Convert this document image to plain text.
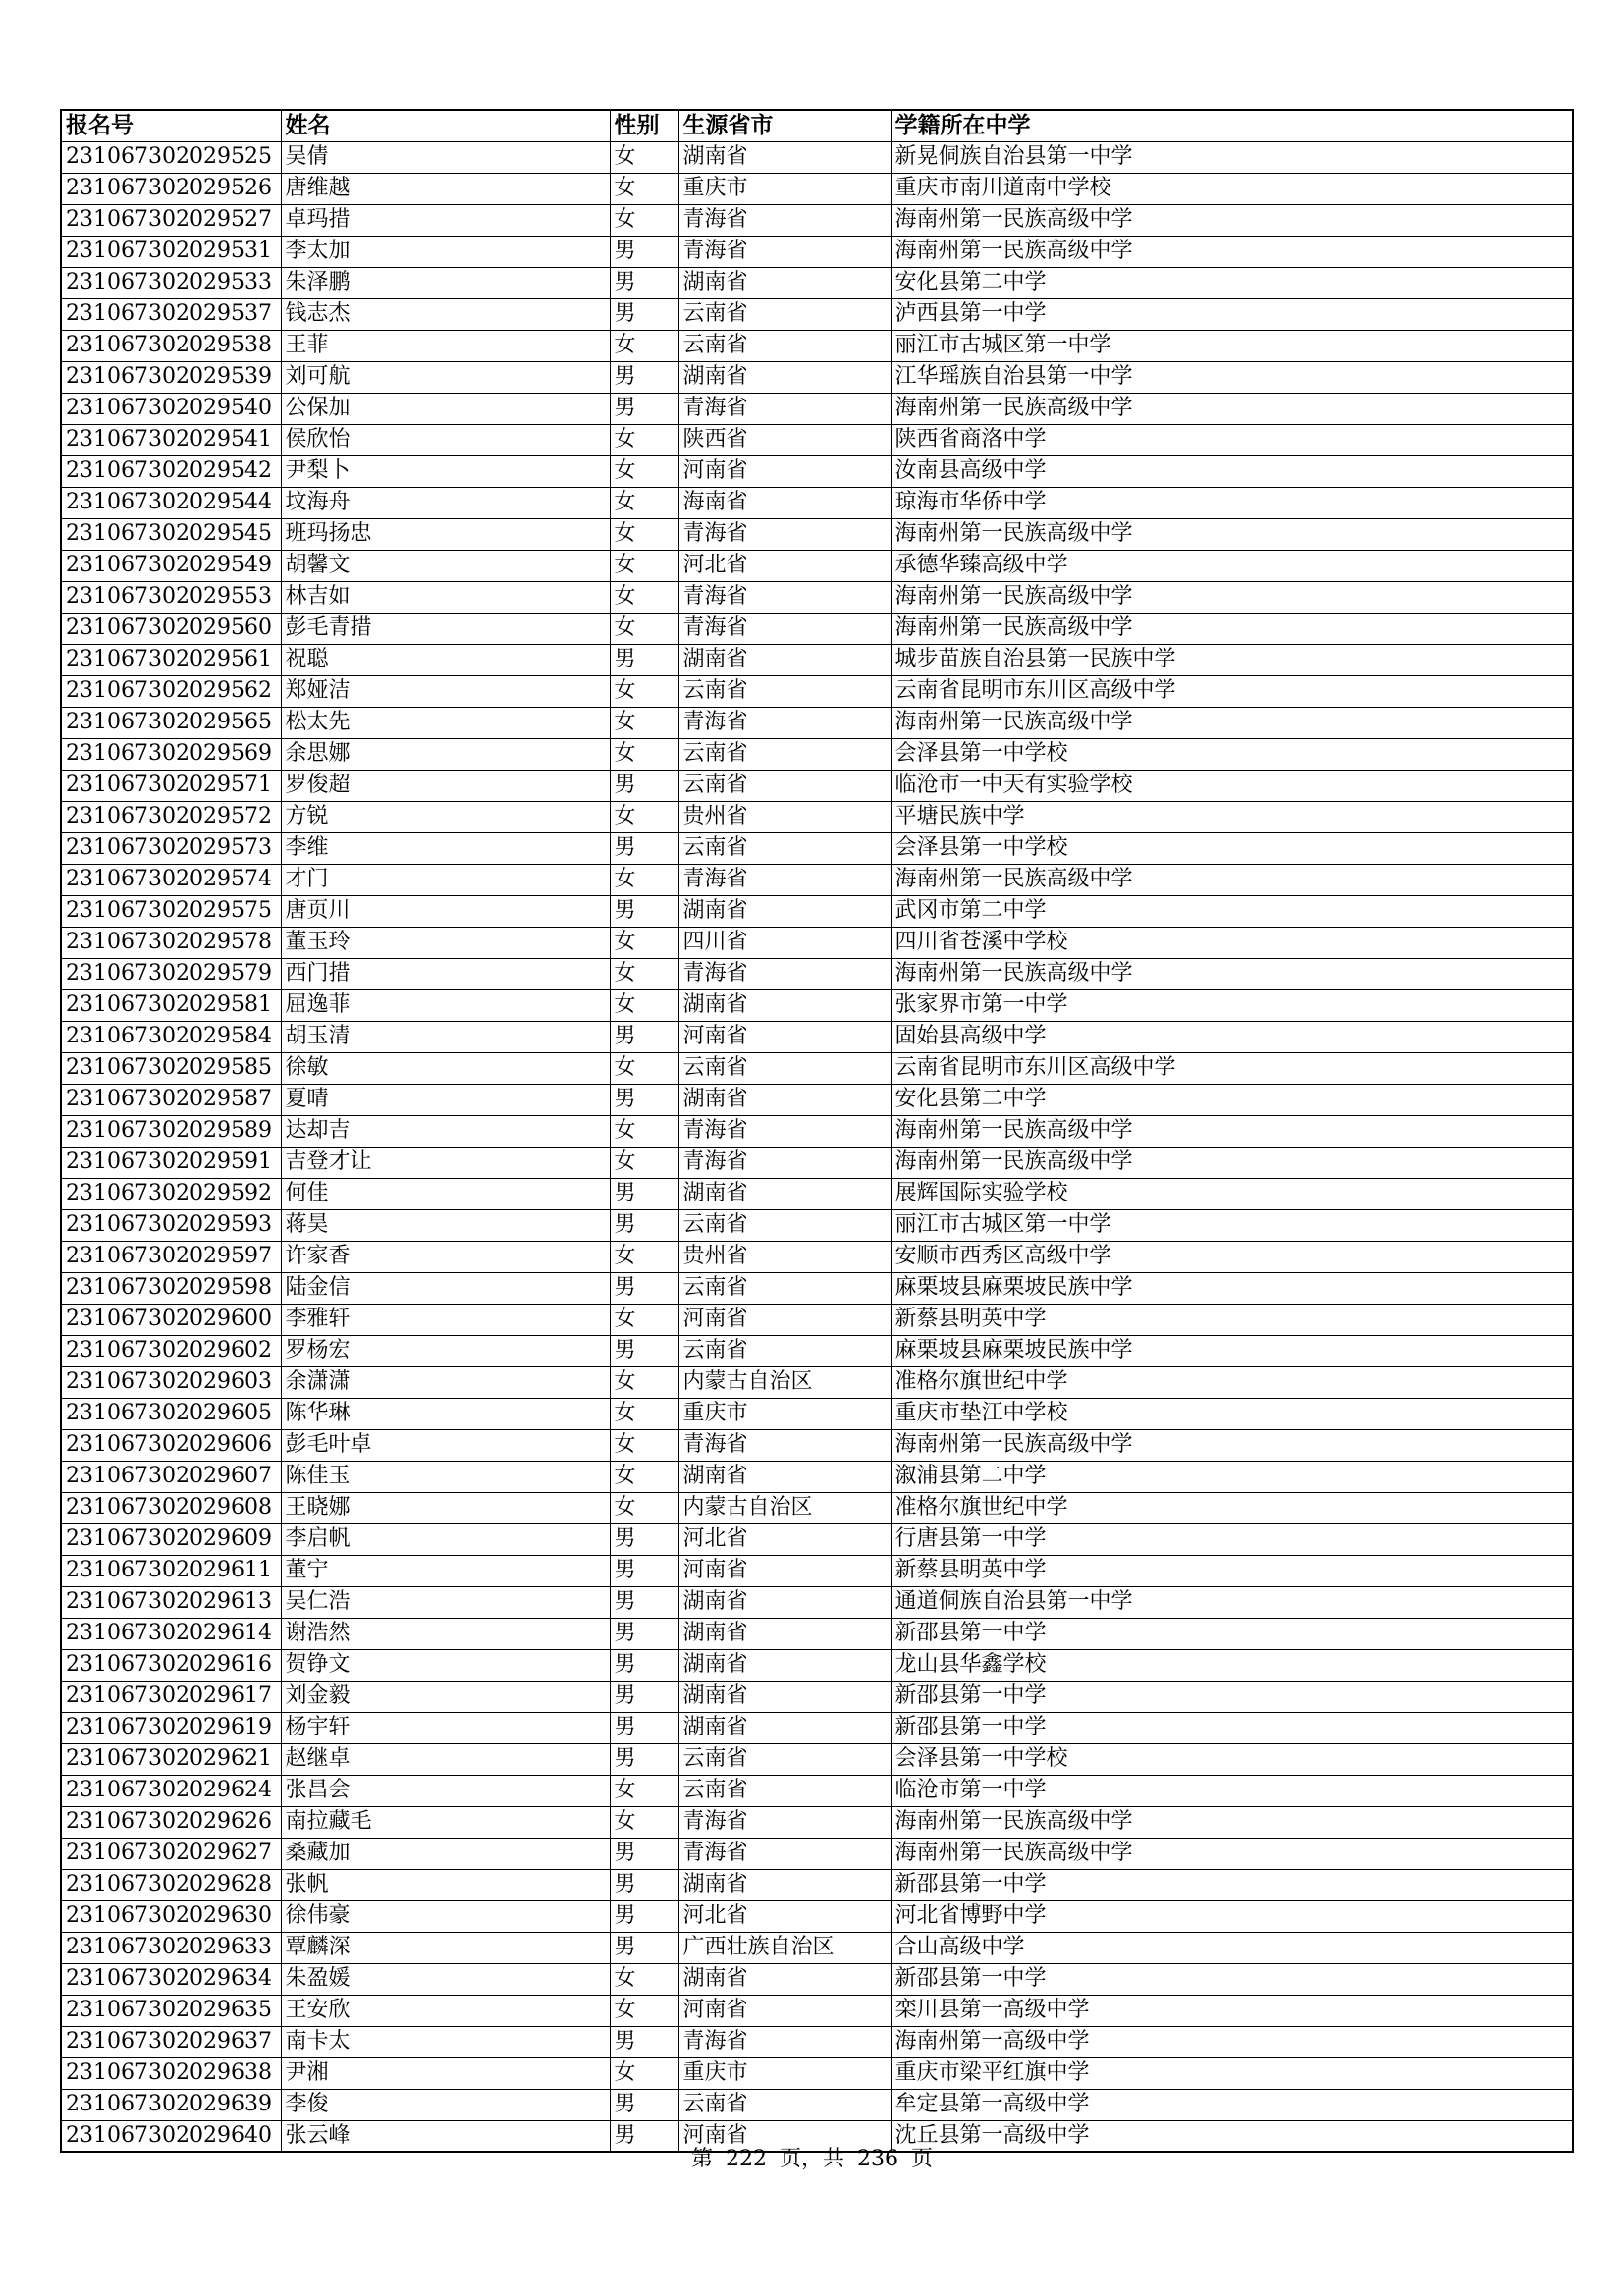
报名号	姓名	性别	生源省市	学籍所在中学
231067302029525	吴倩	女	湖南省	新晃侗族自治县第一中学
231067302029526	唐维越	女	重庆市	重庆市南川道南中学校
231067302029527	卓玛措	女	青海省	海南州第一民族高级中学
231067302029531	李太加	男	青海省	海南州第一民族高级中学
231067302029533	朱泽鹏	男	湖南省	安化县第二中学
231067302029537	钱志杰	男	云南省	泸西县第一中学
231067302029538	王菲	女	云南省	丽江市古城区第一中学
231067302029539	刘可航	男	湖南省	江华瑶族自治县第一中学
231067302029540	公保加	男	青海省	海南州第一民族高级中学
231067302029541	侯欣怡	女	陕西省	陕西省商洛中学
231067302029542	尹梨卜	女	河南省	汝南县高级中学
231067302029544	坟海舟	女	海南省	琼海市华侨中学
231067302029545	班玛扬忠	女	青海省	海南州第一民族高级中学
231067302029549	胡馨文	女	河北省	承德华臻高级中学
231067302029553	林吉如	女	青海省	海南州第一民族高级中学
231067302029560	彭毛青措	女	青海省	海南州第一民族高级中学
231067302029561	祝聪	男	湖南省	城步苗族自治县第一民族中学
231067302029562	郑娅洁	女	云南省	云南省昆明市东川区高级中学
231067302029565	松太先	女	青海省	海南州第一民族高级中学
231067302029569	余思娜	女	云南省	会泽县第一中学校
231067302029571	罗俊超	男	云南省	临沧市一中天有实验学校
231067302029572	方锐	女	贵州省	平塘民族中学
231067302029573	李维	男	云南省	会泽县第一中学校
231067302029574	才门	女	青海省	海南州第一民族高级中学
231067302029575	唐页川	男	湖南省	武冈市第二中学
231067302029578	董玉玲	女	四川省	四川省苍溪中学校
231067302029579	西门措	女	青海省	海南州第一民族高级中学
231067302029581	屈逸菲	女	湖南省	张家界市第一中学
231067302029584	胡玉清	男	河南省	固始县高级中学
231067302029585	徐敏	女	云南省	云南省昆明市东川区高级中学
231067302029587	夏晴	男	湖南省	安化县第二中学
231067302029589	达却吉	女	青海省	海南州第一民族高级中学
231067302029591	吉登才让	女	青海省	海南州第一民族高级中学
231067302029592	何佳	男	湖南省	展辉国际实验学校
231067302029593	蒋昊	男	云南省	丽江市古城区第一中学
231067302029597	许家香	女	贵州省	安顺市西秀区高级中学
231067302029598	陆金信	男	云南省	麻栗坡县麻栗坡民族中学
231067302029600	李雅轩	女	河南省	新蔡县明英中学
231067302029602	罗杨宏	男	云南省	麻栗坡县麻栗坡民族中学
231067302029603	余潇潇	女	内蒙古自治区	准格尔旗世纪中学
231067302029605	陈华琳	女	重庆市	重庆市垫江中学校
231067302029606	彭毛叶卓	女	青海省	海南州第一民族高级中学
231067302029607	陈佳玉	女	湖南省	溆浦县第二中学
231067302029608	王晓娜	女	内蒙古自治区	准格尔旗世纪中学
231067302029609	李启帆	男	河北省	行唐县第一中学
231067302029611	董宁	男	河南省	新蔡县明英中学
231067302029613	吴仁浩	男	湖南省	通道侗族自治县第一中学
231067302029614	谢浩然	男	湖南省	新邵县第一中学
231067302029616	贺铮文	男	湖南省	龙山县华鑫学校
231067302029617	刘金毅	男	湖南省	新邵县第一中学
231067302029619	杨宇轩	男	湖南省	新邵县第一中学
231067302029621	赵继卓	男	云南省	会泽县第一中学校
231067302029624	张昌会	女	云南省	临沧市第一中学
231067302029626	南拉藏毛	女	青海省	海南州第一民族高级中学
231067302029627	桑藏加	男	青海省	海南州第一民族高级中学
231067302029628	张帆	男	湖南省	新邵县第一中学
231067302029630	徐伟豪	男	河北省	河北省博野中学
231067302029633	覃麟深	男	广西壮族自治区	合山高级中学
231067302029634	朱盈媛	女	湖南省	新邵县第一中学
231067302029635	王安欣	女	河南省	栾川县第一高级中学
231067302029637	南卡太	男	青海省	海南州第一高级中学
231067302029638	尹湘	女	重庆市	重庆市梁平红旗中学
231067302029639	李俊	男	云南省	牟定县第一高级中学
231067302029640	张云峰	男	河南省	沈丘县第一高级中学
第 222 页，共 236 页
